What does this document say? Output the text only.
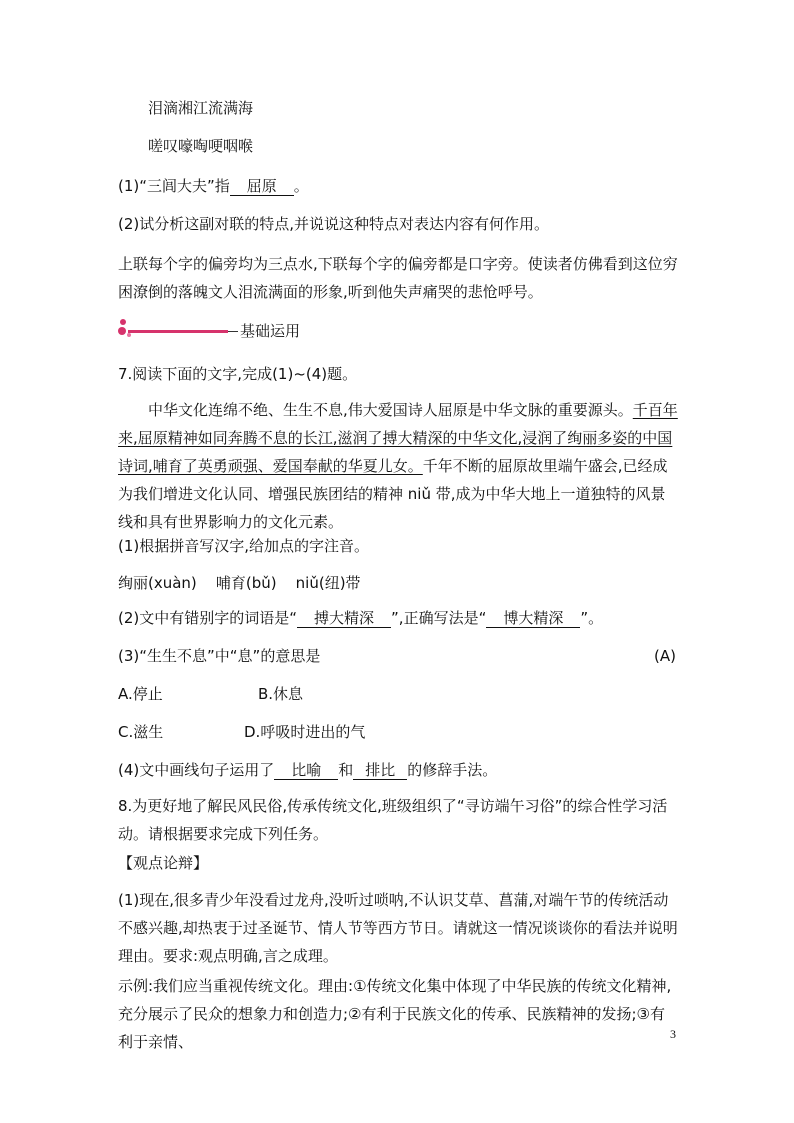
泪滴湘江流满海
嗟叹嚎啕哽咽喉
(1)“三闾大夫”指 屈原 。
(2)试分析这副对联的特点,并说说这种特点对表达内容有何作用。
上联每个字的偏旁均为三点水,下联每个字的偏旁都是口字旁。使读者仿佛看到这位穷困潦倒的落魄文人泪流满面的形象,听到他失声痛哭的悲怆呼号。
基础运用
7.阅读下面的文字,完成(1)~(4)题。
中华文化连绵不绝、生生不息,伟大爱国诗人屈原是中华文脉的重要源头。千百年来,屈原精神如同奔腾不息的长江,滋润了搏大精深的中华文化,浸润了绚丽多姿的中国诗词,哺育了英勇顽强、爱国奉献的华夏儿女。千年不断的屈原故里端午盛会,已经成为我们增进文化认同、增强民族团结的精神 niǔ 带,成为中华大地上一道独特的风景线和具有世界影响力的文化元素。
(1)根据拼音写汉字,给加点的字注音。
绚丽(xuàn)    哺育(bǔ)    niǔ(纽)带
(2)文中有错别字的词语是“ 搏大精深 ”,正确写法是“ 博大精深 ”。
(3)“生生不息”中“息”的意思是	(A)
A.停止	B.休息
C.滋生	D.呼吸时进出的气
(4)文中画线句子运用了 比喻 和 排比 的修辞手法。
8.为更好地了解民风民俗,传承传统文化,班级组织了“寻访端午习俗”的综合性学习活动。请根据要求完成下列任务。
【观点论辩】
(1)现在,很多青少年没看过龙舟,没听过唢呐,不认识艾草、菖蒲,对端午节的传统活动不感兴趣,却热衷于过圣诞节、情人节等西方节日。请就这一情况谈谈你的看法并说明理由。要求:观点明确,言之成理。
示例:我们应当重视传统文化。理由:①传统文化集中体现了中华民族的传统文化精神,充分展示了民众的想象力和创造力;②有利于民族文化的传承、民族精神的发扬;③有利于亲情、	3
